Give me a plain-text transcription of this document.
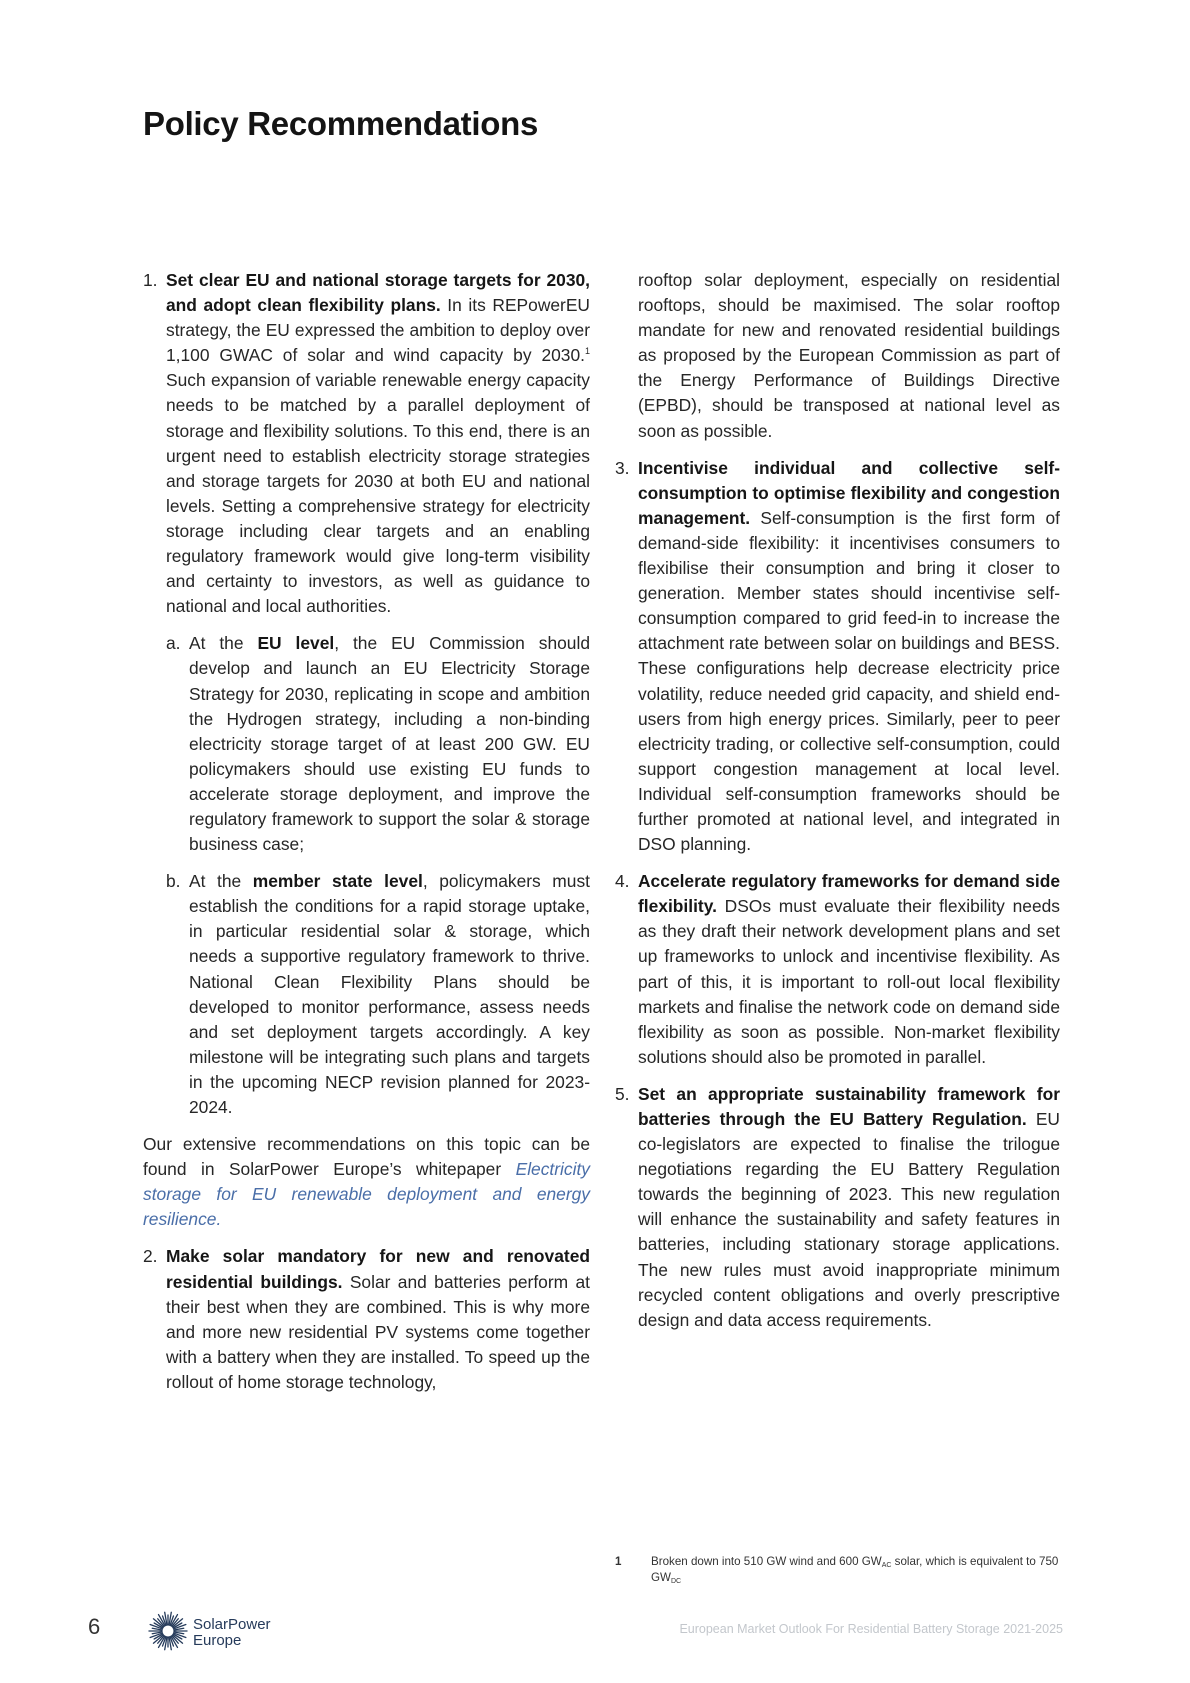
Policy Recommendations
1. Set clear EU and national storage targets for 2030, and adopt clean flexibility plans. In its REPowerEU strategy, the EU expressed the ambition to deploy over 1,100 GWAC of solar and wind capacity by 2030.$^1$ Such expansion of variable renewable energy capacity needs to be matched by a parallel deployment of storage and flexibility solutions. To this end, there is an urgent need to establish electricity storage strategies and storage targets for 2030 at both EU and national levels. Setting a comprehensive strategy for electricity storage including clear targets and an enabling regulatory framework would give long-term visibility and certainty to investors, as well as guidance to national and local authorities.

a. At the EU level, the EU Commission should develop and launch an EU Electricity Storage Strategy for 2030, replicating in scope and ambition the Hydrogen strategy, including a non-binding electricity storage target of at least 200 GW. EU policymakers should use existing EU funds to accelerate storage deployment, and improve the regulatory framework to support the solar & storage business case;

b. At the member state level, policymakers must establish the conditions for a rapid storage uptake, in particular residential solar & storage, which needs a supportive regulatory framework to thrive. National Clean Flexibility Plans should be developed to monitor performance, assess needs and set deployment targets accordingly. A key milestone will be integrating such plans and targets in the upcoming NECP revision planned for 2023-2024.

Our extensive recommendations on this topic can be found in SolarPower Europe’s whitepaper Electricity storage for EU renewable deployment and energy resilience.

2. Make solar mandatory for new and renovated residential buildings. Solar and batteries perform at their best when they are combined. This is why more and more new residential PV systems come together with a battery when they are installed. To speed up the rollout of home storage technology,

rooftop solar deployment, especially on residential rooftops, should be maximised. The solar rooftop mandate for new and renovated residential buildings as proposed by the European Commission as part of the Energy Performance of Buildings Directive (EPBD), should be transposed at national level as soon as possible.

3. Incentivise individual and collective self-consumption to optimise flexibility and congestion management. Self-consumption is the first form of demand-side flexibility: it incentivises consumers to flexibilise their consumption and bring it closer to generation. Member states should incentivise self-consumption compared to grid feed-in to increase the attachment rate between solar on buildings and BESS. These configurations help decrease electricity price volatility, reduce needed grid capacity, and shield end-users from high energy prices. Similarly, peer to peer electricity trading, or collective self-consumption, could support congestion management at local level. Individual self-consumption frameworks should be further promoted at national level, and integrated in DSO planning.

4. Accelerate regulatory frameworks for demand side flexibility. DSOs must evaluate their flexibility needs as they draft their network development plans and set up frameworks to unlock and incentivise flexibility. As part of this, it is important to roll-out local flexibility markets and finalise the network code on demand side flexibility as soon as possible. Non-market flexibility solutions should also be promoted in parallel.

5. Set an appropriate sustainability framework for batteries through the EU Battery Regulation. EU co-legislators are expected to finalise the trilogue negotiations regarding the EU Battery Regulation towards the beginning of 2023. This new regulation will enhance the sustainability and safety features in batteries, including stationary storage applications. The new rules must avoid inappropriate minimum recycled content obligations and overly prescriptive design and data access requirements.

1	Broken down into 510 GW wind and 600 $GW_{AC}$ solar, which is equivalent to 750 $GW_{DC}$
6	SolarPower
Europe
European Market Outlook For Residential Battery Storage 2021-2025
